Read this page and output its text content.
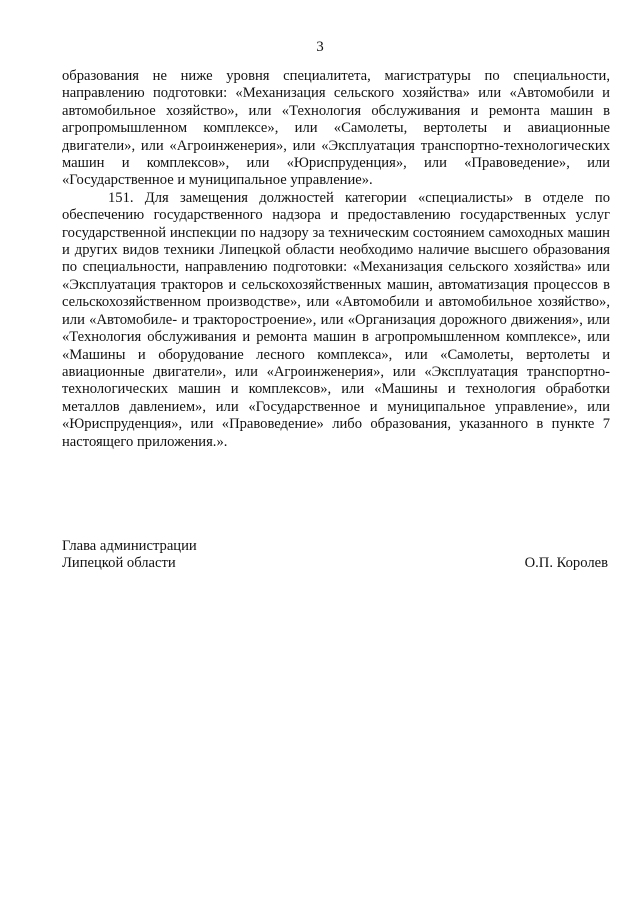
3

образования не ниже уровня специалитета, магистратуры по специальности, направлению подготовки: «Механизация сельского хозяйства» или «Автомобили и автомобильное хозяйство», или «Технология обслуживания и ремонта машин в агропромышленном комплексе», или «Самолеты, вертолеты и авиационные двигатели», или «Агроинженерия», или «Эксплуатация транспортно-технологических машин и комплексов», или «Юриспруденция», или «Правоведение», или «Государственное и муниципальное управление».

151. Для замещения должностей категории «специалисты» в отделе по обеспечению государственного надзора и предоставлению государственных услуг государственной инспекции по надзору за техническим состоянием самоходных машин и других видов техники Липецкой области необходимо наличие высшего образования по специальности, направлению подготовки: «Механизация сельского хозяйства» или «Эксплуатация тракторов и сельскохозяйственных машин, автоматизация процессов в сельскохозяйственном производстве», или «Автомобили и автомобильное хозяйство», или «Автомобиле- и тракторостроение», или «Организация дорожного движения», или «Технология обслуживания и ремонта машин в агропромышленном комплексе», или «Машины и оборудование лесного комплекса», или «Самолеты, вертолеты и авиационные двигатели», или «Агроинженерия», или «Эксплуатация транспортно-технологических машин и комплексов», или «Машины и технология обработки металлов давлением», или «Государственное и муниципальное управление», или «Юриспруденция», или «Правоведение» либо образования, указанного в пункте 7 настоящего приложения.».

Глава администрации
Липецкой области	О.П. Королев
